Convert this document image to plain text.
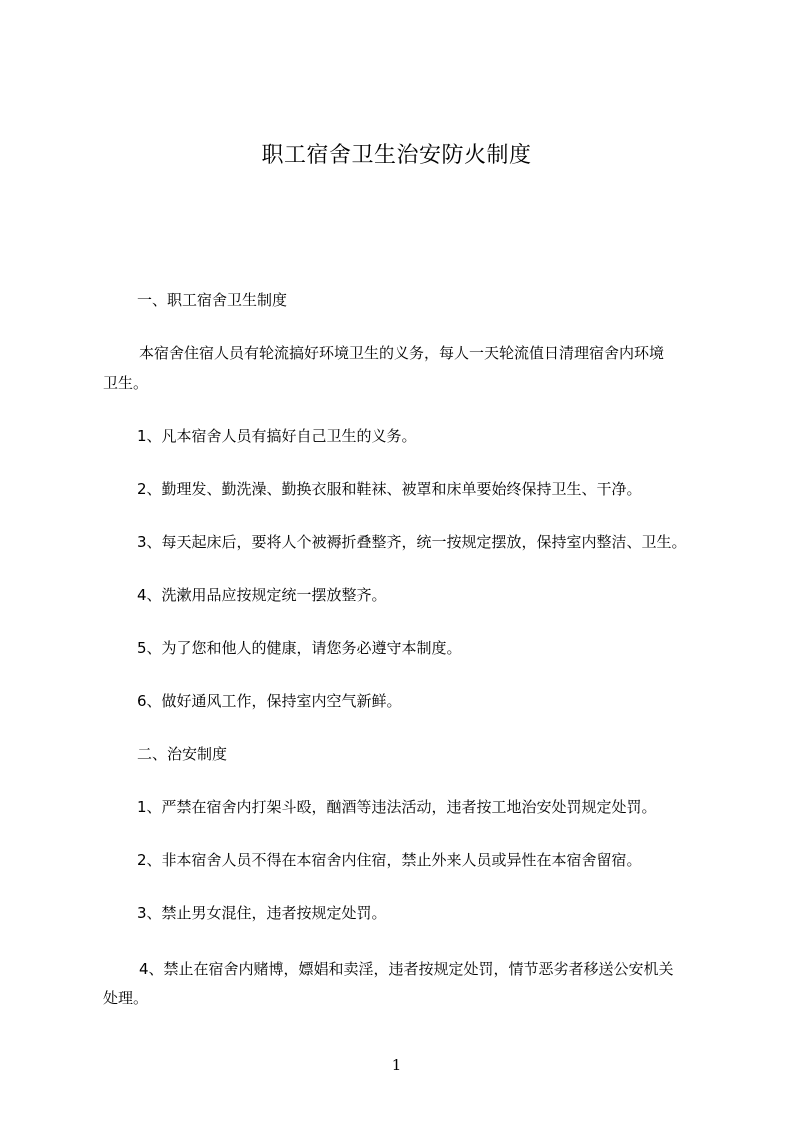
职工宿舍卫生治安防火制度
一、职工宿舍卫生制度
本宿舍住宿人员有轮流搞好环境卫生的义务，每人一天轮流值日清理宿舍内环境
卫生。
1、凡本宿舍人员有搞好自己卫生的义务。
2、勤理发、勤洗澡、勤换衣服和鞋袜、被罩和床单要始终保持卫生、干净。
3、每天起床后，要将人个被褥折叠整齐，统一按规定摆放，保持室内整洁、卫生。
4、洗漱用品应按规定统一摆放整齐。
5、为了您和他人的健康，请您务必遵守本制度。
6、做好通风工作，保持室内空气新鲜。
二、治安制度
1、严禁在宿舍内打架斗殴，酗酒等违法活动，违者按工地治安处罚规定处罚。
2、非本宿舍人员不得在本宿舍内住宿，禁止外来人员或异性在本宿舍留宿。
3、禁止男女混住，违者按规定处罚。
4、禁止在宿舍内赌博，嫖娼和卖淫，违者按规定处罚，情节恶劣者移送公安机关
处理。
1
